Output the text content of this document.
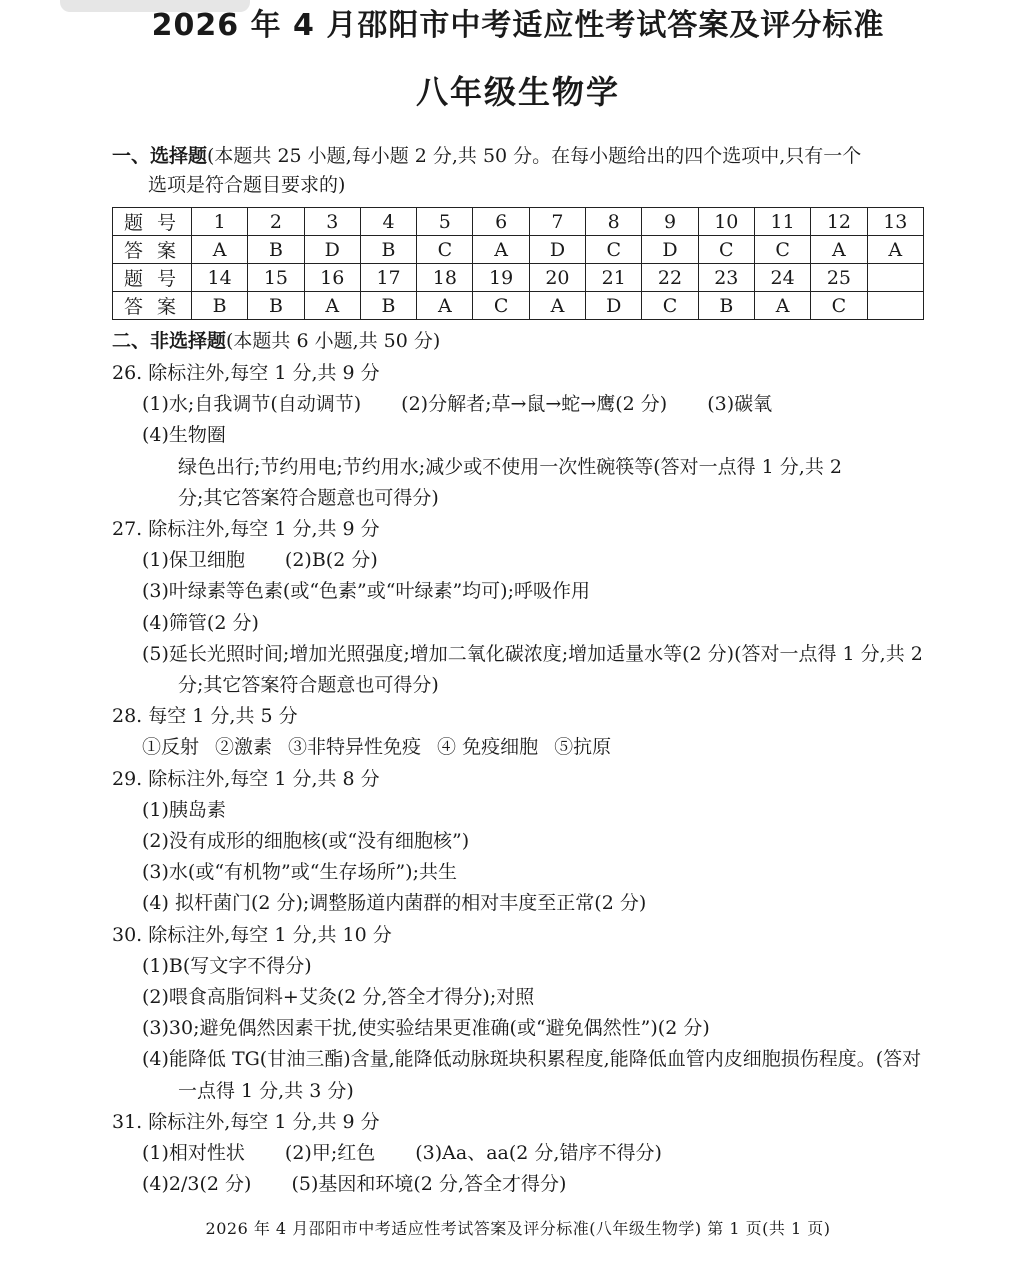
2026 年 4 月邵阳市中考适应性考试答案及评分标准
八年级生物学
一、选择题(本题共 25 小题,每小题 2 分,共 50 分。在每小题给出的四个选项中,只有一个
选项是符合题目要求的)
题 号	1	2	3	4	5	6	7	8	9	10	11	12	13
答 案	A	B	D	B	C	A	D	C	D	C	C	A	A
题 号	14	15	16	17	18	19	20	21	22	23	24	25	
答 案	B	B	A	B	A	C	A	D	C	B	A	C	
二、非选择题(本题共 6 小题,共 50 分)
26. 除标注外,每空 1 分,共 9 分
(1)水;自我调节(自动调节) (2)分解者;草→鼠→蛇→鹰(2 分) (3)碳氧
(4)生物圈
绿色出行;节约用电;节约用水;减少或不使用一次性碗筷等(答对一点得 1 分,共 2
分;其它答案符合题意也可得分)
27. 除标注外,每空 1 分,共 9 分
(1)保卫细胞 (2)B(2 分)
(3)叶绿素等色素(或“色素”或“叶绿素”均可);呼吸作用
(4)筛管(2 分)
(5)延长光照时间;增加光照强度;增加二氧化碳浓度;增加适量水等(2 分)(答对一点得 1 分,共 2 分;其它答案符合题意也可得分)
28. 每空 1 分,共 5 分
①反射 ②激素 ③非特异性免疫 ④ 免疫细胞 ⑤抗原
29. 除标注外,每空 1 分,共 8 分
(1)胰岛素
(2)没有成形的细胞核(或“没有细胞核”)
(3)水(或“有机物”或“生存场所”);共生
(4) 拟杆菌门(2 分);调整肠道内菌群的相对丰度至正常(2 分)
30. 除标注外,每空 1 分,共 10 分
(1)B(写文字不得分)
(2)喂食高脂饲料+艾灸(2 分,答全才得分);对照
(3)30;避免偶然因素干扰,使实验结果更准确(或“避免偶然性”)(2 分)
(4)能降低 TG(甘油三酯)含量,能降低动脉斑块积累程度,能降低血管内皮细胞损伤程度。(答对一点得 1 分,共 3 分)
31. 除标注外,每空 1 分,共 9 分
(1)相对性状 (2)甲;红色 (3)Aa、aa(2 分,错序不得分)
(4)2/3(2 分) (5)基因和环境(2 分,答全才得分)
2026 年 4 月邵阳市中考适应性考试答案及评分标准(八年级生物学) 第 1 页(共 1 页)
